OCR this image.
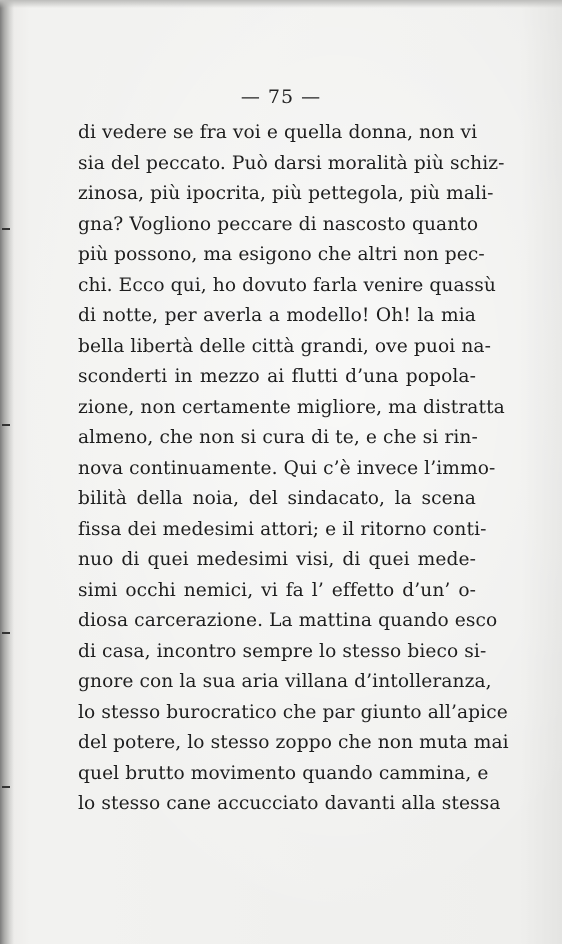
— 75 —
di vedere se fra voi e quella donna, non vi
sia del peccato. Può darsi moralità più schiz-
zinosa, più ipocrita, più pettegola, più mali-
gna? Vogliono peccare di nascosto quanto
più possono, ma esigono che altri non pec-
chi. Ecco qui, ho dovuto farla venire quassù
di notte, per averla a modello! Oh! la mia
bella libertà delle città grandi, ove puoi na-
sconderti in mezzo ai flutti d’una popola-
zione, non certamente migliore, ma distratta
almeno, che non si cura di te, e che si rin-
nova continuamente. Qui c’è invece l’immo-
bilità della noia, del sindacato, la scena
fissa dei medesimi attori; e il ritorno conti-
nuo di quei medesimi visi, di quei mede-
simi occhi nemici, vi fa l’ effetto d’un’ o-
diosa carcerazione. La mattina quando esco
di casa, incontro sempre lo stesso bieco si-
gnore con la sua aria villana d’intolleranza,
lo stesso burocratico che par giunto all’apice
del potere, lo stesso zoppo che non muta mai
quel brutto movimento quando cammina, e
lo stesso cane accucciato davanti alla stessa
